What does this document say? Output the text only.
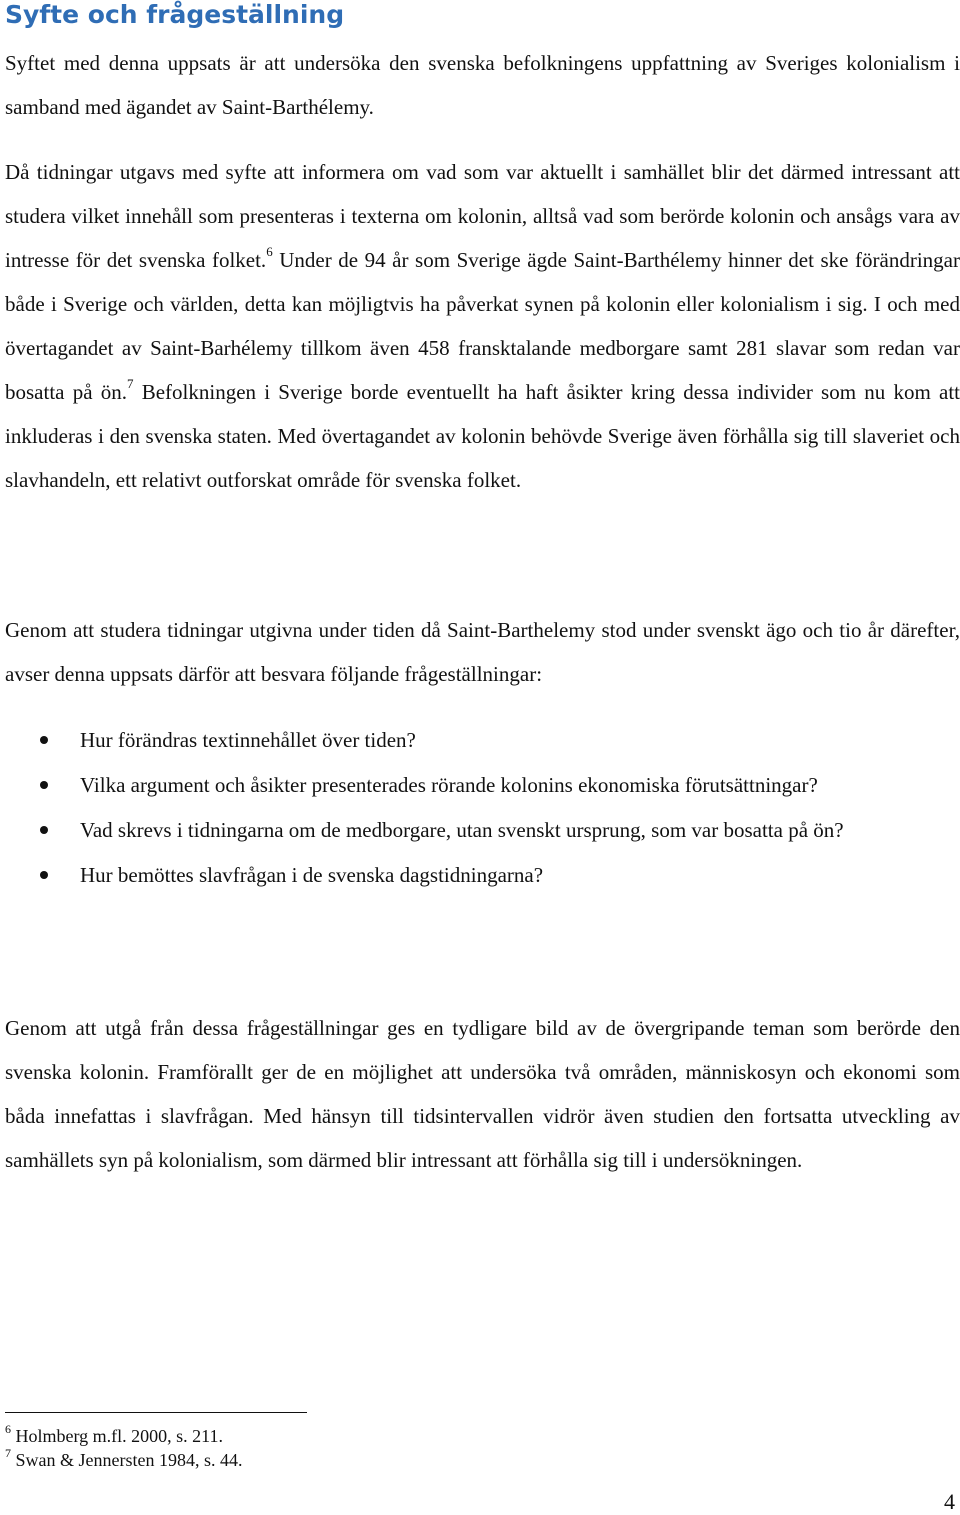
Syfte och frågeställning

Syftet med denna uppsats är att undersöka den svenska befolkningens uppfattning av Sveriges kolonialism i samband med ägandet av Saint-Barthélemy.

Då tidningar utgavs med syfte att informera om vad som var aktuellt i samhället blir det därmed intressant att studera vilket innehåll som presenteras i texterna om kolonin, alltså vad som berörde kolonin och ansågs vara av intresse för det svenska folket.$^6$ Under de 94 år som Sverige ägde Saint-Barthélemy hinner det ske förändringar både i Sverige och världen, detta kan möjligtvis ha påverkat synen på kolonin eller kolonialism i sig. I och med övertagandet av Saint-Barhélemy tillkom även 458 fransktalande medborgare samt 281 slavar som redan var bosatta på ön.$^7$ Befolkningen i Sverige borde eventuellt ha haft åsikter kring dessa individer som nu kom att inkluderas i den svenska staten. Med övertagandet av kolonin behövde Sverige även förhålla sig till slaveriet och slavhandeln, ett relativt outforskat område för svenska folket.

Genom att studera tidningar utgivna under tiden då Saint-Barthelemy stod under svenskt ägo och tio år därefter, avser denna uppsats därför att besvara följande frågeställningar:

Hur förändras textinnehållet över tiden?
Vilka argument och åsikter presenterades rörande kolonins ekonomiska förutsättningar?
Vad skrevs i tidningarna om de medborgare, utan svenskt ursprung, som var bosatta på ön?
Hur bemöttes slavfrågan i de svenska dagstidningarna?

Genom att utgå från dessa frågeställningar ges en tydligare bild av de övergripande teman som berörde den svenska kolonin. Framförallt ger de en möjlighet att undersöka två områden, människosyn och ekonomi som båda innefattas i slavfrågan. Med hänsyn till tidsintervallen vidrör även studien den fortsatta utveckling av samhällets syn på kolonialism, som därmed blir intressant att förhålla sig till i undersökningen.

$^6$ Holmberg m.fl. 2000, s. 211.
$^7$ Swan & Jennersten 1984, s. 44.
4
